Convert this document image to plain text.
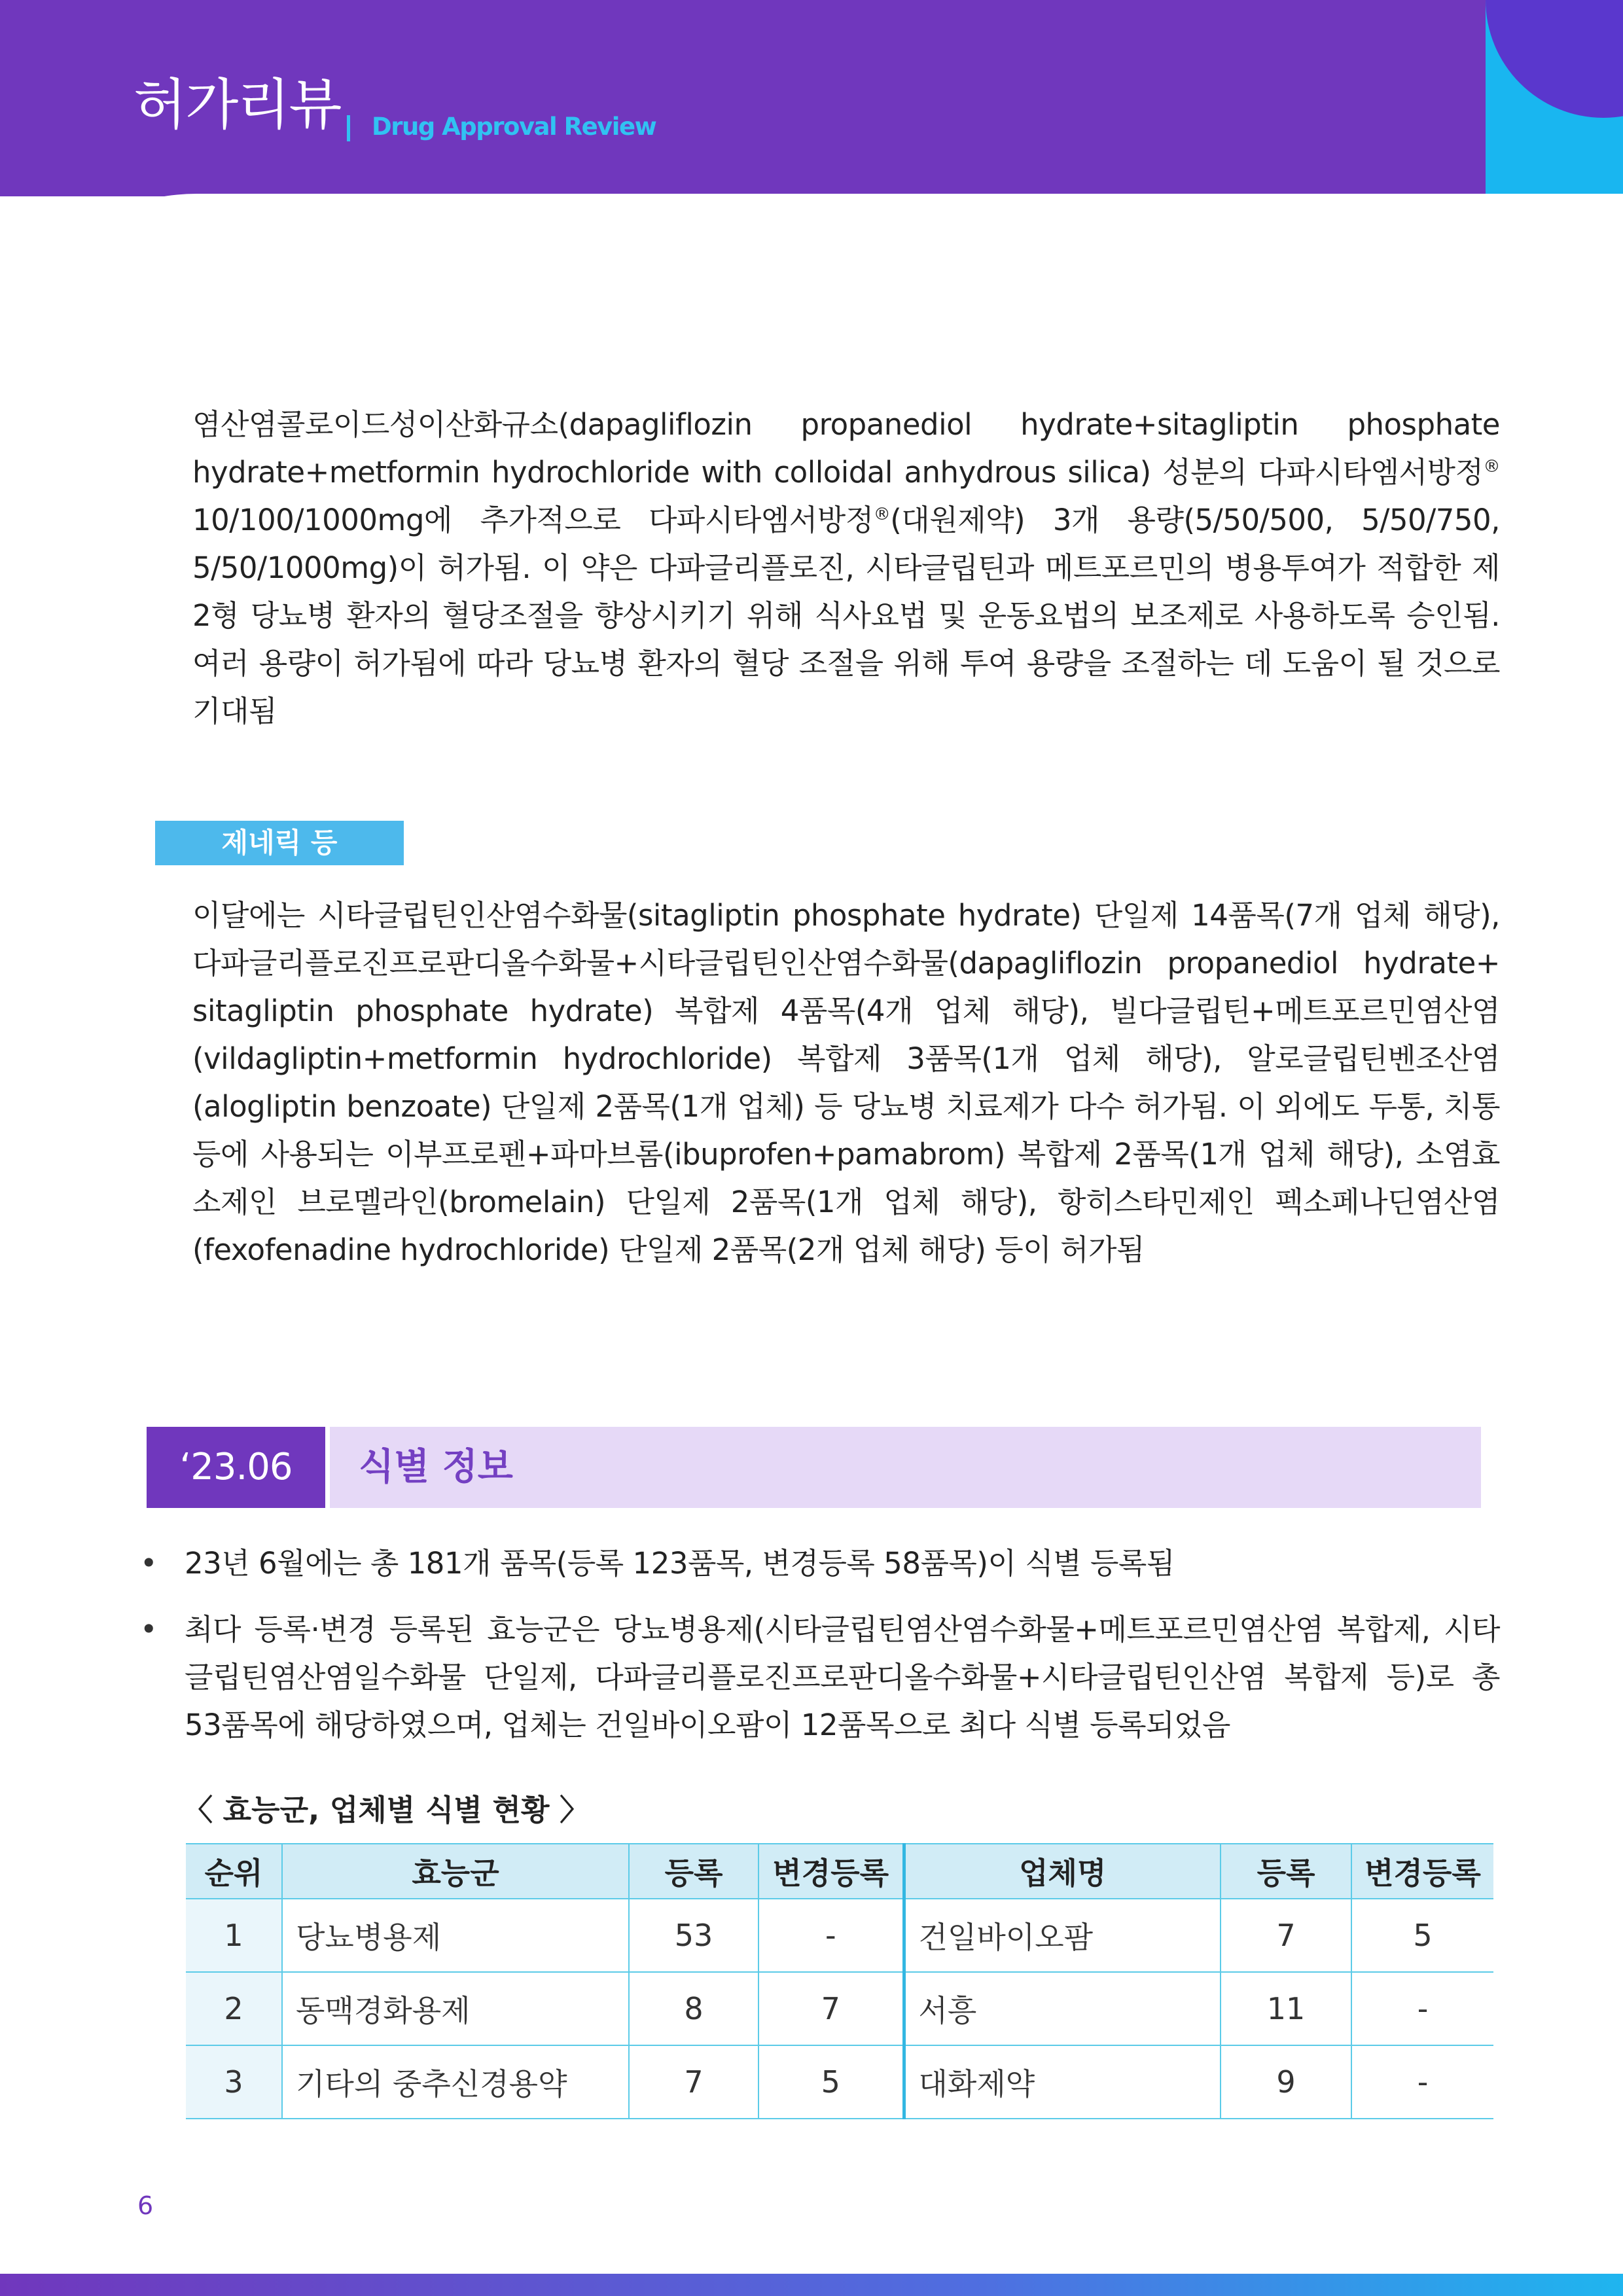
허가리뷰 Drug Approval Review
염산염콜로이드성이산화규소(dapagliflozin propanediol hydrate+sitagliptin phosphate hydrate+metformin hydrochloride with colloidal anhydrous silica) 성분의 다파시타엠서방정® 10/100/1000mg에 추가적으로 다파시타엠서방정®(대원제약) 3개 용량(5/50/500, 5/50/750, 5/50/1000mg)이 허가됨. 이 약은 다파글리플로진, 시타글립틴과 메트포르민의 병용투여가 적합한 제2형 당뇨병 환자의 혈당조절을 향상시키기 위해 식사요법 및 운동요법의 보조제로 사용하도록 승인됨. 여러 용량이 허가됨에 따라 당뇨병 환자의 혈당 조절을 위해 투여 용량을 조절하는 데 도움이 될 것으로 기대됨
제네릭 등
이달에는 시타글립틴인산염수화물(sitagliptin phosphate hydrate) 단일제 14품목(7개 업체 해당), 다파글리플로진프로판디올수화물+시타글립틴인산염수화물(dapagliflozin propanediol hydrate+ sitagliptin phosphate hydrate) 복합제 4품목(4개 업체 해당), 빌다글립틴+메트포르민염산염(vildagliptin+metformin hydrochloride) 복합제 3품목(1개 업체 해당), 알로글립틴벤조산염(alogliptin benzoate) 단일제 2품목(1개 업체) 등 당뇨병 치료제가 다수 허가됨. 이 외에도 두통, 치통 등에 사용되는 이부프로펜+파마브롬(ibuprofen+pamabrom) 복합제 2품목(1개 업체 해당), 소염효소제인 브로멜라인(bromelain) 단일제 2품목(1개 업체 해당), 항히스타민제인 펙소페나딘염산염(fexofenadine hydrochloride) 단일제 2품목(2개 업체 해당) 등이 허가됨
‘23.06	식별 정보
• 23년 6월에는 총 181개 품목(등록 123품목, 변경등록 58품목)이 식별 등록됨
• 최다 등록·변경 등록된 효능군은 당뇨병용제(시타글립틴염산염수화물+메트포르민염산염 복합제, 시타글립틴염산염일수화물 단일제, 다파글리플로진프로판디올수화물+시타글립틴인산염 복합제 등)로 총 53품목에 해당하였으며, 업체는 건일바이오팜이 12품목으로 최다 식별 등록되었음
〈 효능군, 업체별 식별 현황 〉
순위	효능군	등록	변경등록	업체명	등록	변경등록
1	당뇨병용제	53	-	건일바이오팜	7	5
2	동맥경화용제	8	7	서흥	11	-
3	기타의 중추신경용약	7	5	대화제약	9	-
6
